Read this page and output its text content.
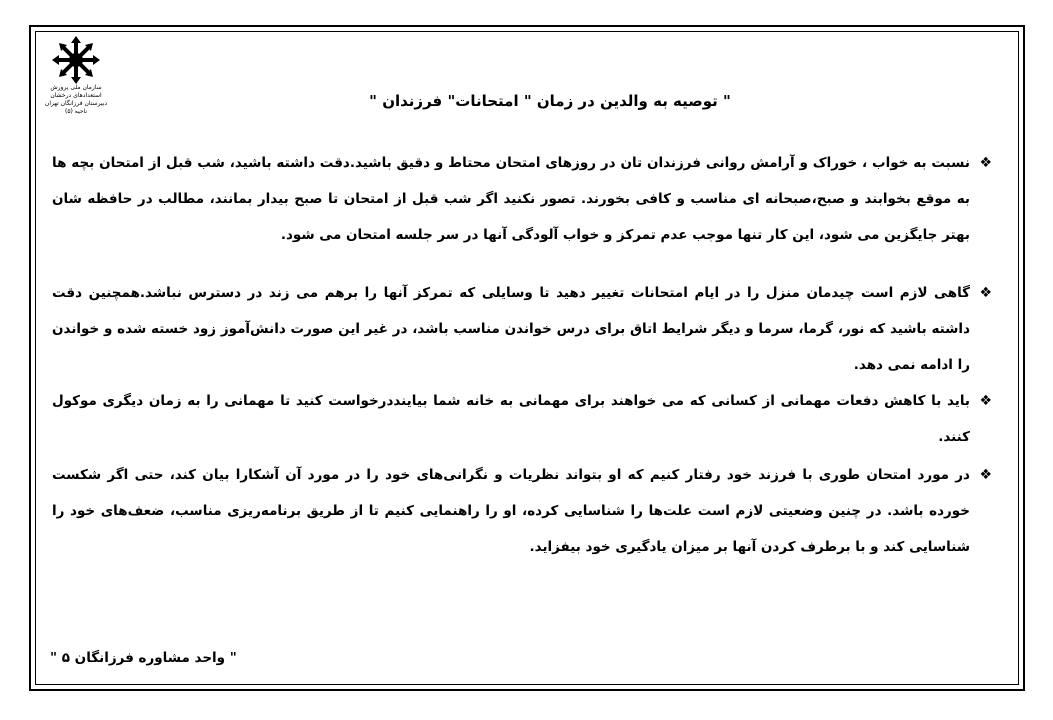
سازمان ملی پرورش استعدادهای درخشان
دبیرستان فرزانگان تهران ناحیه (۵)
" توصیه به والدین در زمان " امتحانات" فرزندان "
❖
نسبت به خواب ، خوراک و آرامش روانی فرزندان تان در روزهای امتحان محتاط و دقیق باشید.دقت داشته باشید، شب قبل از امتحان بچه ها به موقع بخوابند و صبح،صبحانه ای مناسب و کافی بخورند. تصور نکنید اگر شب قبل از امتحان تا صبح بیدار بمانند، مطالب در حافظه شان بهتر جایگزین می شود، این کار تنها موجب عدم تمرکز و خواب آلودگی آنها در سر جلسه امتحان می شود.
❖
گاهی لازم است چیدمان منزل را در ایام امتحانات تغییر دهید تا وسایلی که تمرکز آنها را برهم می زند در دسترس نباشد.همچنین دقت داشته باشید که نور، گرما، سرما و دیگر شرایط اتاق برای درس خواندن مناسب باشد، در غیر این صورت دانش‌آموز زود خسته شده و خواندن را ادامه نمی دهد.
❖
باید با کاهش دفعات مهمانی از کسانی که می خواهند برای مهمانی به خانه شما بیاینددرخواست کنید تا مهمانی را به زمان دیگری موکول کنند.
❖
در مورد امتحان طوری با فرزند خود رفتار کنیم که او بتواند نظریات و نگرانی‌های خود را در مورد آن آشکارا بیان کند، حتی اگر شکست خورده باشد. در چنین وضعیتی لازم است علت‌ها را شناسایی کرده، او را راهنمایی کنیم تا از طریق برنامه‌ریزی مناسب، ضعف‌های خود را شناسایی کند و با برطرف کردن آنها بر میزان یادگیری خود بیفزاید.
" واحد مشاوره فرزانگان ۵ "
